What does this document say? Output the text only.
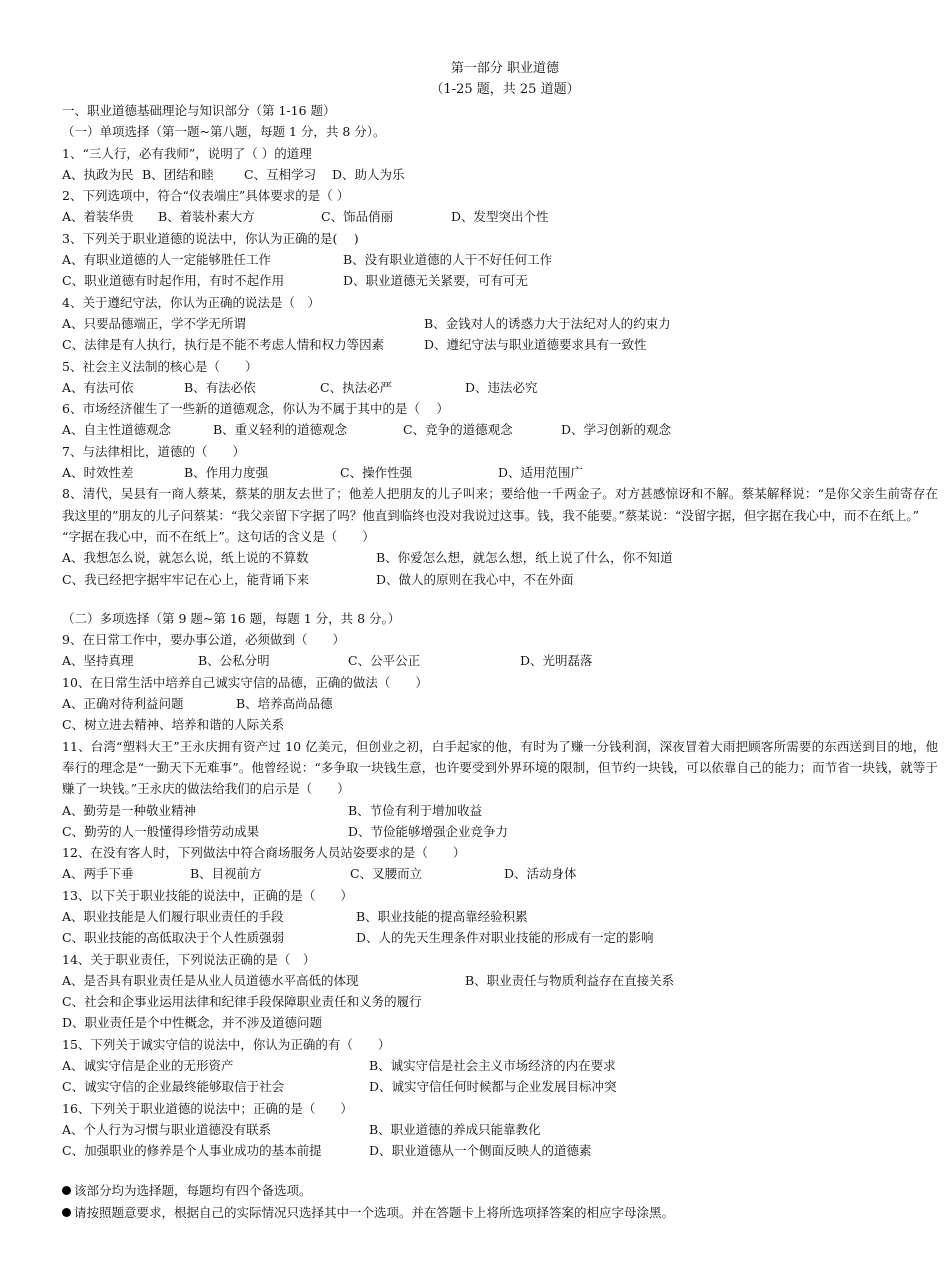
第一部分 职业道德
（1-25 题，共 25 道题）
一、职业道德基础理论与知识部分（第 1-16 题）
（一）单项选择（第一题~第八题，每题 1 分，共 8 分）。
1、“三人行，必有我师”，说明了（ ）的道理
A、执政为民 B、团结和睦	C、互相学习	D、助人为乐
2、下列选项中，符合“仪表端庄”具体要求的是（ ）
A、着装华贵	B、着装朴素大方	C、饰品俏丽	D、发型突出个性
3、下列关于职业道德的说法中，你认为正确的是(　 )
A、有职业道德的人一定能够胜任工作	B、没有职业道德的人干不好任何工作
C、职业道德有时起作用，有时不起作用	D、职业道德无关紧要，可有可无
4、关于遵纪守法，你认为正确的说法是（　）
A、只要品德端正，学不学无所谓	B、金钱对人的诱惑力大于法纪对人的约束力
C、法律是有人执行，执行是不能不考虑人情和权力等因素	D、遵纪守法与职业道德要求具有一致性
5、社会主义法制的核心是（　　）
A、有法可依	B、有法必依	C、执法必严	D、违法必究
6、市场经济催生了一些新的道德观念，你认为不属于其中的是（　 ）
A、自主性道德观念	B、重义轻利的道德观念	C、竞争的道德观念	D、学习创新的观念
7、与法律相比，道德的（　　）
A、时效性差	B、作用力度强	C、操作性强	D、适用范围广
8、清代，吴县有一商人蔡某，蔡某的朋友去世了；他差人把朋友的儿子叫来；要给他一千两金子。对方甚感惊讶和不解。蔡某解释说：“是你父亲生前寄存在我这里的”朋友的儿子问蔡某：“我父亲留下字据了吗？他直到临终也没对我说过这事。钱，我不能要。”蔡某说：“没留字据，但字据在我心中，而不在纸上。”
“字据在我心中，而不在纸上”。这句话的含义是（　　）
A、我想怎么说，就怎么说，纸上说的不算数	B、你爱怎么想，就怎么想，纸上说了什么，你不知道
C、我已经把字据牢牢记在心上，能背诵下来	D、做人的原则在我心中，不在外面
（二）多项选择（第 9 题~第 16 题，每题 1 分，共 8 分。）
9、在日常工作中，要办事公道，必须做到（　　）
A、坚持真理	B、公私分明	C、公平公正	D、光明磊落
10、在日常生活中培养自己诚实守信的品德，正确的做法（　　）
A、正确对待利益问题	B、培养高尚品德
C、树立进去精神、培养和谐的人际关系
11、台湾“塑料大王”王永庆拥有资产过 10 亿美元，但创业之初，白手起家的他，有时为了赚一分钱利润，深夜冒着大雨把顾客所需要的东西送到目的地，他奉行的理念是“一勤天下无难事”。他曾经说：“多争取一块钱生意，也许要受到外界环境的限制，但节约一块钱，可以依靠自己的能力；而节省一块钱，就等于赚了一块钱。”王永庆的做法给我们的启示是（　　）
A、勤劳是一种敬业精神	B、节俭有利于增加收益
C、勤劳的人一般懂得珍惜劳动成果	D、节俭能够增强企业竞争力
12、在没有客人时，下列做法中符合商场服务人员站姿要求的是（　　）
A、两手下垂	B、目视前方	C、叉腰而立	D、活动身体
13、以下关于职业技能的说法中，正确的是（　　）
A、职业技能是人们履行职业责任的手段	B、职业技能的提高靠经验积累
C、职业技能的高低取决于个人性质强弱	D、人的先天生理条件对职业技能的形成有一定的影响
14、关于职业责任，下列说法正确的是（　）
A、是否具有职业责任是从业人员道德水平高低的体现	B、职业责任与物质利益存在直接关系
C、社会和企事业运用法律和纪律手段保障职业责任和义务的履行
D、职业责任是个中性概念，并不涉及道德问题
15、下列关于诚实守信的说法中，你认为正确的有（　　）
A、诚实守信是企业的无形资产	B、诚实守信是社会主义市场经济的内在要求
C、诚实守信的企业最终能够取信于社会	D、诚实守信任何时候都与企业发展目标冲突
16、下列关于职业道德的说法中；正确的是（　　）
A、个人行为习惯与职业道德没有联系	B、职业道德的养成只能靠教化
C、加强职业的修养是个人事业成功的基本前提	D、职业道德从一个侧面反映人的道德素
该部分均为选择题，每题均有四个备选项。
请按照题意要求，根据自己的实际情况只选择其中一个选项。并在答题卡上将所选项择答案的相应字母涂黑。
